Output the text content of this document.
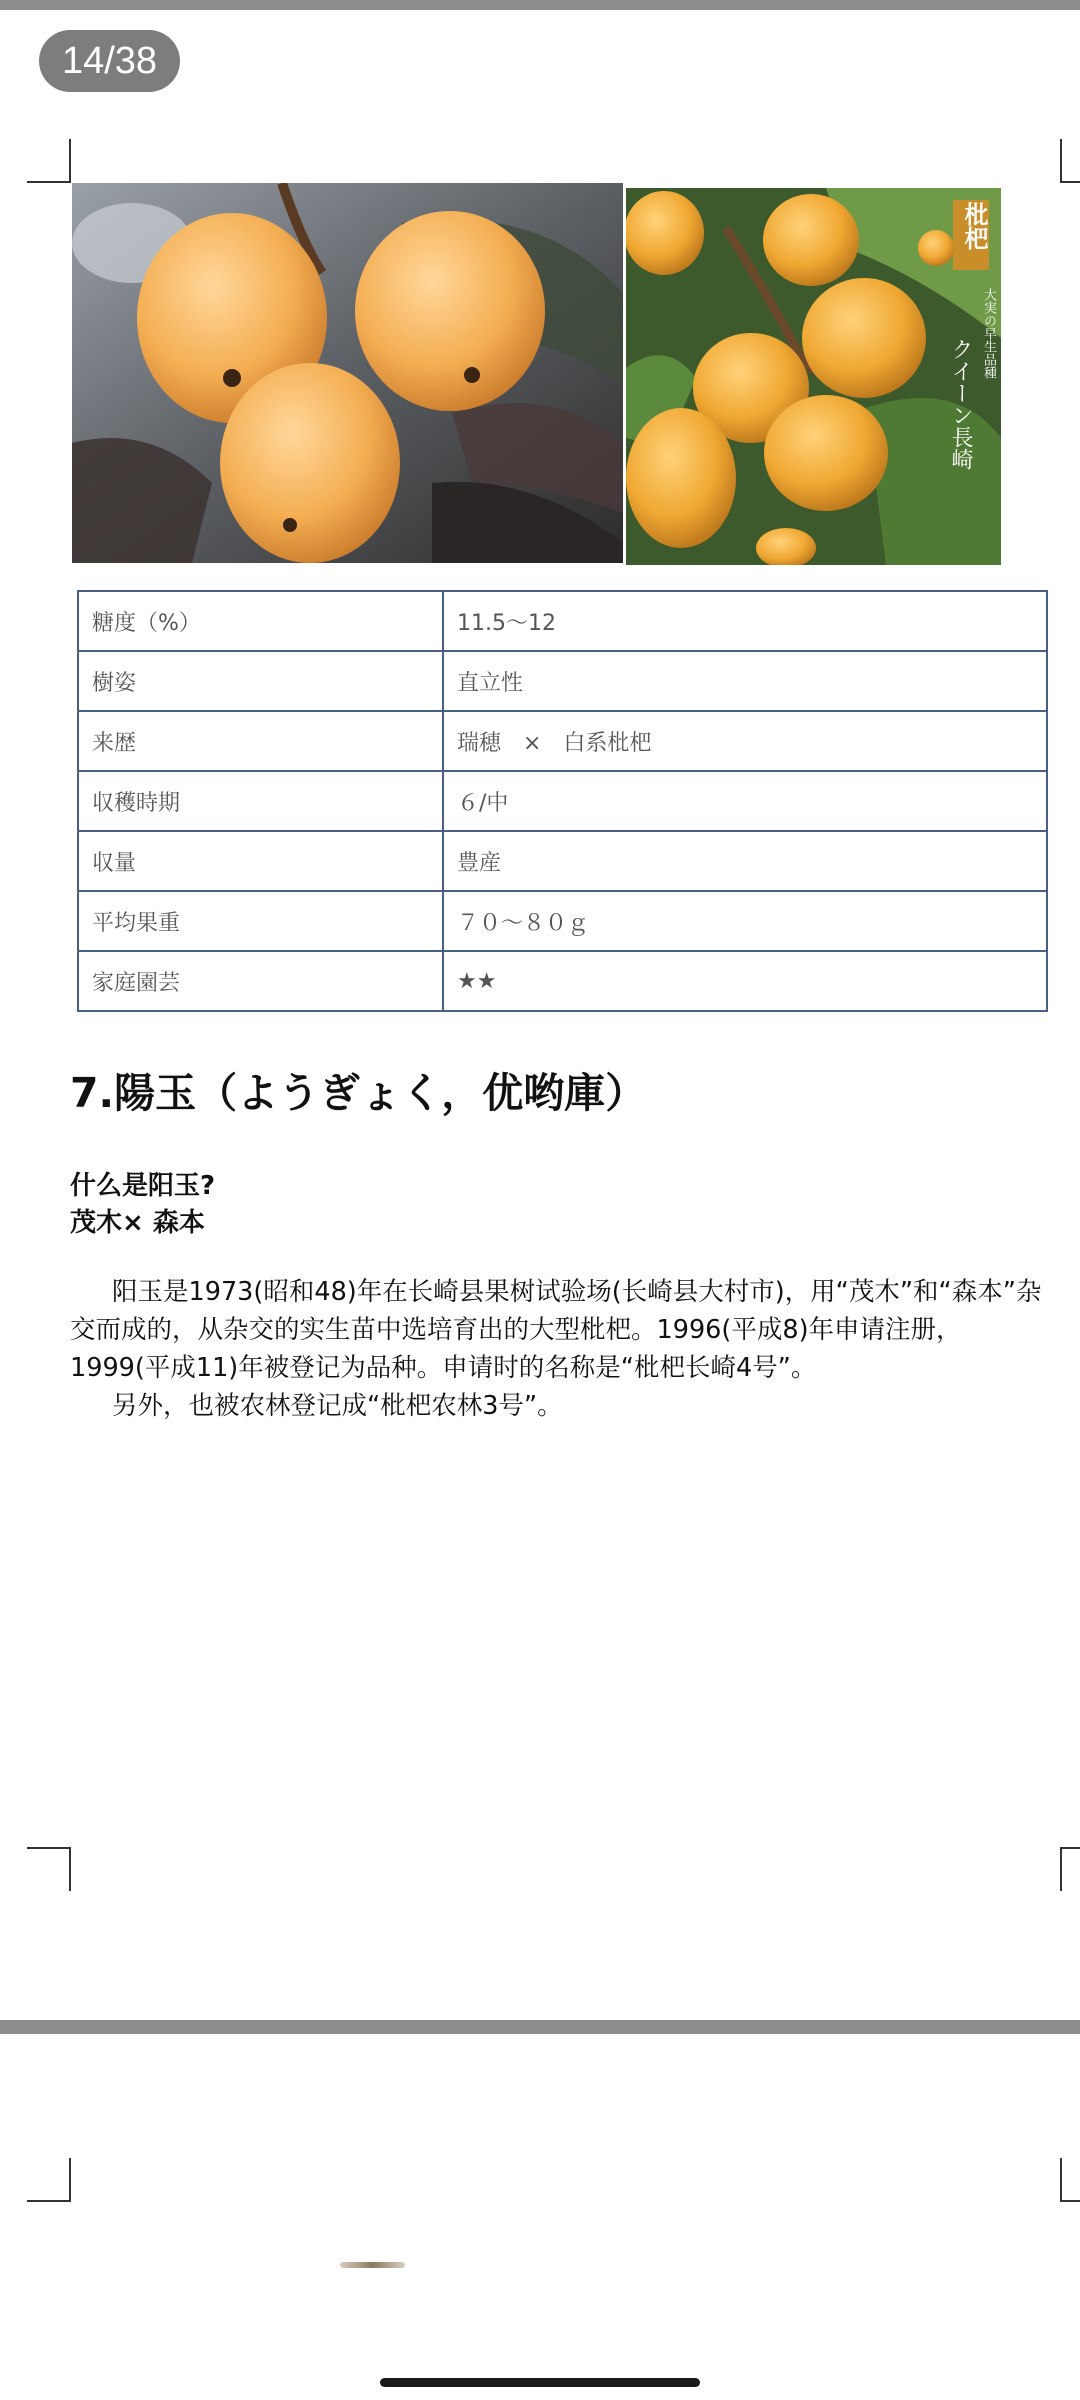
14/38
枇杷
大実の早生品種
クイーン長崎
糖度（%）	11.5～12
樹姿	直立性
来歴	瑞穂　×　白系枇杷
収穫時期	６/中
収量	豊産
平均果重	７０～８０ｇ
家庭園芸	★★
7.陽玉（ようぎょく，优哟庫）

什么是阳玉?

茂木× 森本

阳玉是1973(昭和48)年在长崎县果树试验场(长崎县大村市)，用“茂木”和“森本”杂交而成的，从杂交的实生苗中选培育出的大型枇杷。1996(平成8)年申请注册，1999(平成11)年被登记为品种。申请时的名称是“枇杷长崎4号”。

另外，也被农林登记成“枇杷农林3号”。
